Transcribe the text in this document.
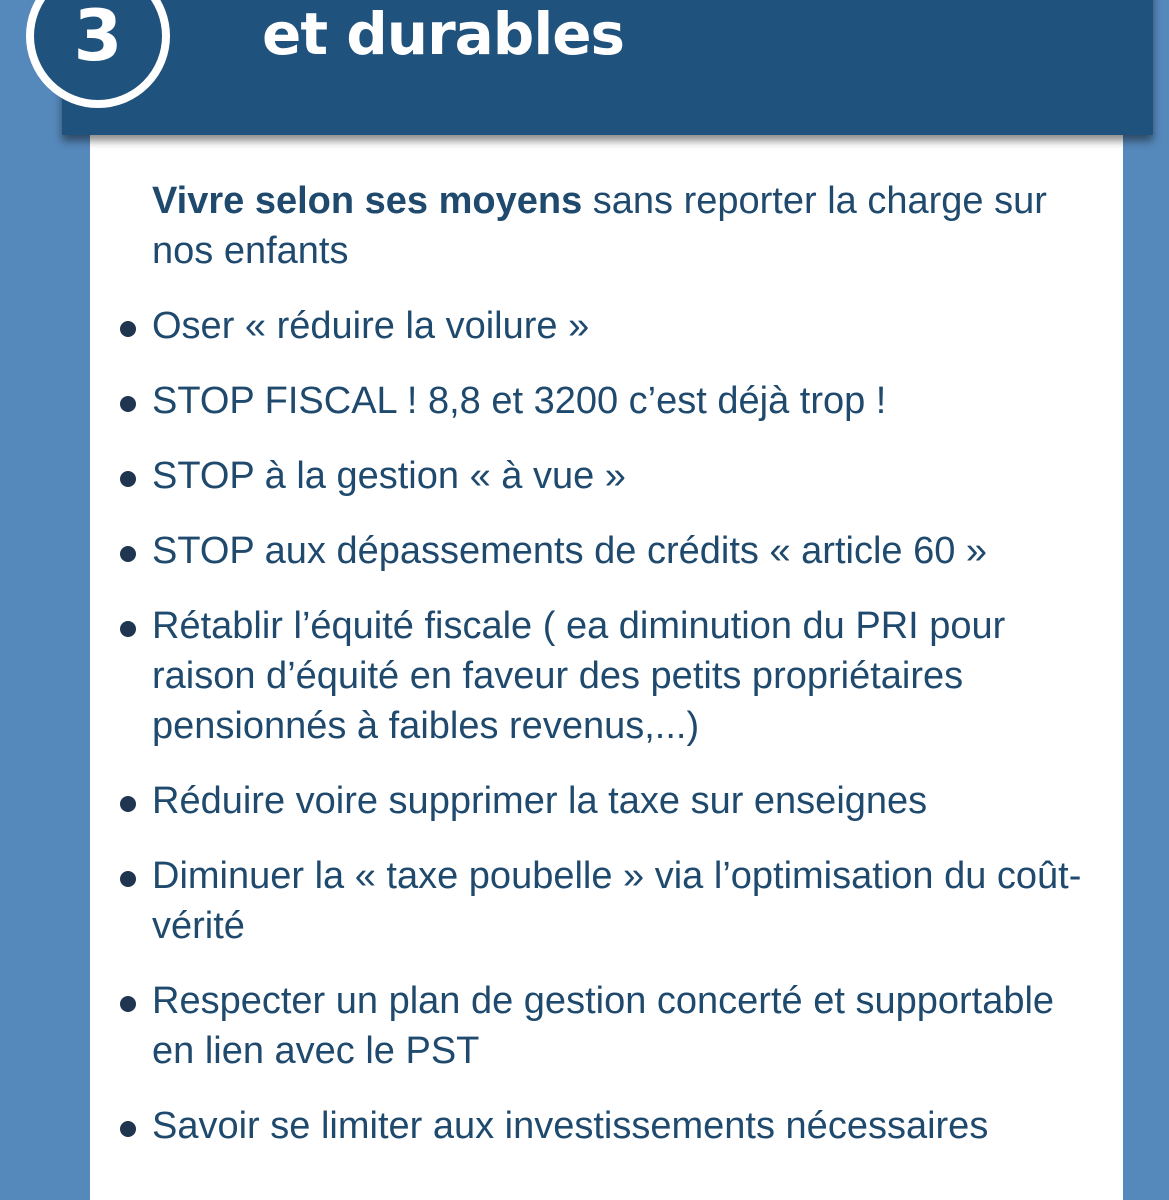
et durables
3

Vivre selon ses moyens sans reporter la charge sur nos enfants

Oser « réduire la voilure »
STOP FISCAL ! 8,8 et 3200 c’est déjà trop !
STOP à la gestion « à vue »
STOP aux dépassements de crédits « article 60 »
Rétablir l’équité fiscale ( ea diminution du PRI pour raison d’équité en faveur des petits propriétaires pensionnés à faibles revenus,...)
Réduire voire supprimer la taxe sur enseignes
Diminuer la « taxe poubelle » via l’optimisation du coût-vérité
Respecter un plan de gestion concerté et supportable en lien avec le PST
Savoir se limiter aux investissements nécessaires
